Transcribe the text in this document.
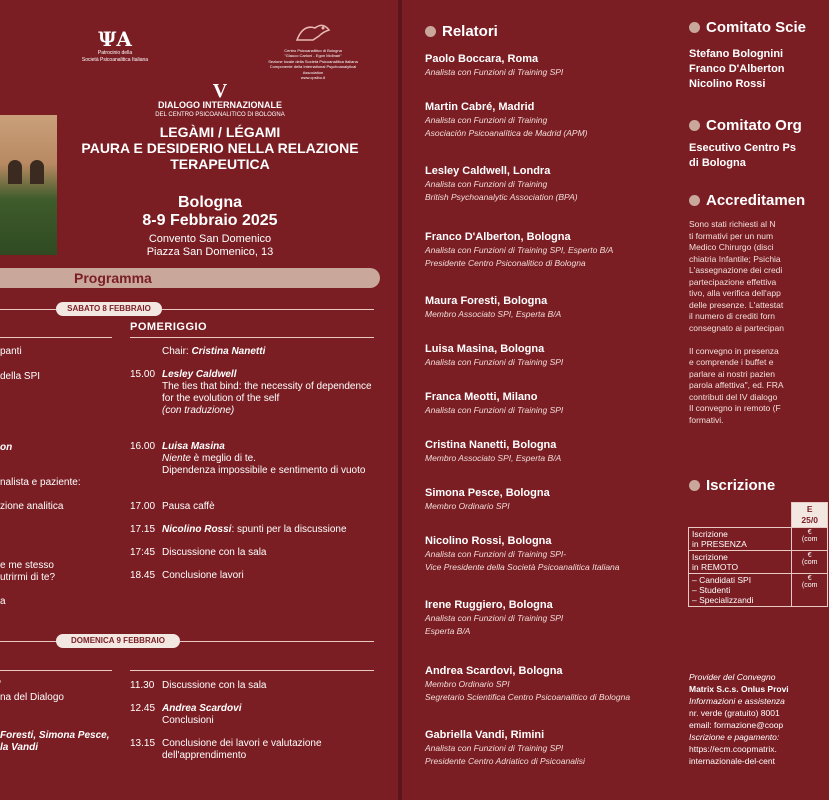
ΨΑ
Patrocinio della
Società Psicoanalitica Italiana
Centro Psicoanalitico di Bologna
"Glauco Carloni - Egon Molinari"
Sezione locale della Società Psicoanalitica Italiana
Componente della International Psychoanalytical Association
www.cpsibo.it
V
DIALOGO INTERNAZIONALE
DEL CENTRO PSICOANALITICO DI BOLOGNA
LEGÀMI / LÉGAMI
PAURA E DESIDERIO NELLA RELAZIONE
TERAPEUTICA
Bologna
8-9 Febbraio 2025
Convento San Domenico
Piazza San Domenico, 13
Programma
SABATO 8 FEBBRAIO
POMERIGGIO
panti
della SPI
on
nalista e paziente:
zione analitica
e me stesso
utrirmi di te?
a
Chair: Cristina Nanetti
15.00 Lesley Caldwell
The ties that bind: the necessity of dependence
for the evolution of the self
(con traduzione)
16.00 Luisa Masina
Niente è meglio di te.
Dipendenza impossibile e sentimento di vuoto
17.00 Pausa caffè
17.15 Nicolino Rossi: spunti per la discussione
17:45 Discussione con la sala
18.45 Conclusione lavori
DOMENICA 9 FEBBRAIO
na del Dialogo
Foresti, Simona Pesce,
la Vandi
11.30 Discussione con la sala
12.45 Andrea Scardovi
Conclusioni
13.15 Conclusione dei lavori e valutazione dell'apprendimento
Relatori
Paolo Boccara, Roma
Analista con Funzioni di Training SPI
Martin Cabré, Madrid
Analista con Funzioni di Training
Asociación Psicoanalítica de Madrid (APM)
Lesley Caldwell, Londra
Analista con Funzioni di Training
British Psychoanalytic Association (BPA)
Franco D'Alberton, Bologna
Analista con Funzioni di Training SPI, Esperto B/A
Presidente Centro Psiconalitico di Bologna
Maura Foresti, Bologna
Membro Associato SPI, Esperta B/A
Luisa Masina, Bologna
Analista con Funzioni di Training SPI
Franca Meotti, Milano
Analista con Funzioni di Training SPI
Cristina Nanetti, Bologna
Membro Associato SPI, Esperta B/A
Simona Pesce, Bologna
Membro Ordinario SPI
Nicolino Rossi, Bologna
Analista con Funzioni di Training SPI-
Vice Presidente della Società Psicoanalitica Italiana
Irene Ruggiero, Bologna
Analista con Funzioni di Training SPI
Esperta B/A
Andrea Scardovi, Bologna
Membro Ordinario SPI
Segretario Scientifica Centro Psicoanalitico di Bologna
Gabriella Vandi, Rimini
Analista con Funzioni di Training SPI
Presidente Centro Adriatico di Psicoanalisi
Comitato Scie
Stefano Bolognini
Franco D'Alberton
Nicolino Rossi
Comitato Org
Esecutivo Centro Ps
di Bologna
Accreditamen
Sono stati richiesti al N
ti formativi per un num
Medico Chirurgo (disci
chiatria Infantile; Psichia
L'assegnazione dei credi
partecipazione effettiva
tivo, alla verifica dell'app
delle presenze. L'attestat
il numero di crediti forn
consegnato ai partecipan
Il convegno in presenza
e comprende i buffet e
parlare ai nostri pazien
parola affettiva", ed. FRA
contributi del IV dialogo
Il convegno in remoto (F
formativi.
Iscrizione
	E
25/0
Iscrizione
in PRESENZA	€
(com
Iscrizione
in REMOTO	€
(com
– Candidati SPI
– Studenti
– Specializzandi	€
(com
Provider del Convegno
Matrix S.c.s. Onlus Provi
Informazioni e assistenza
nr. verde (gratuito) 8001
email: formazione@coop
Iscrizione e pagamento:
https://ecm.coopmatrix.
internazionale-del-cent
